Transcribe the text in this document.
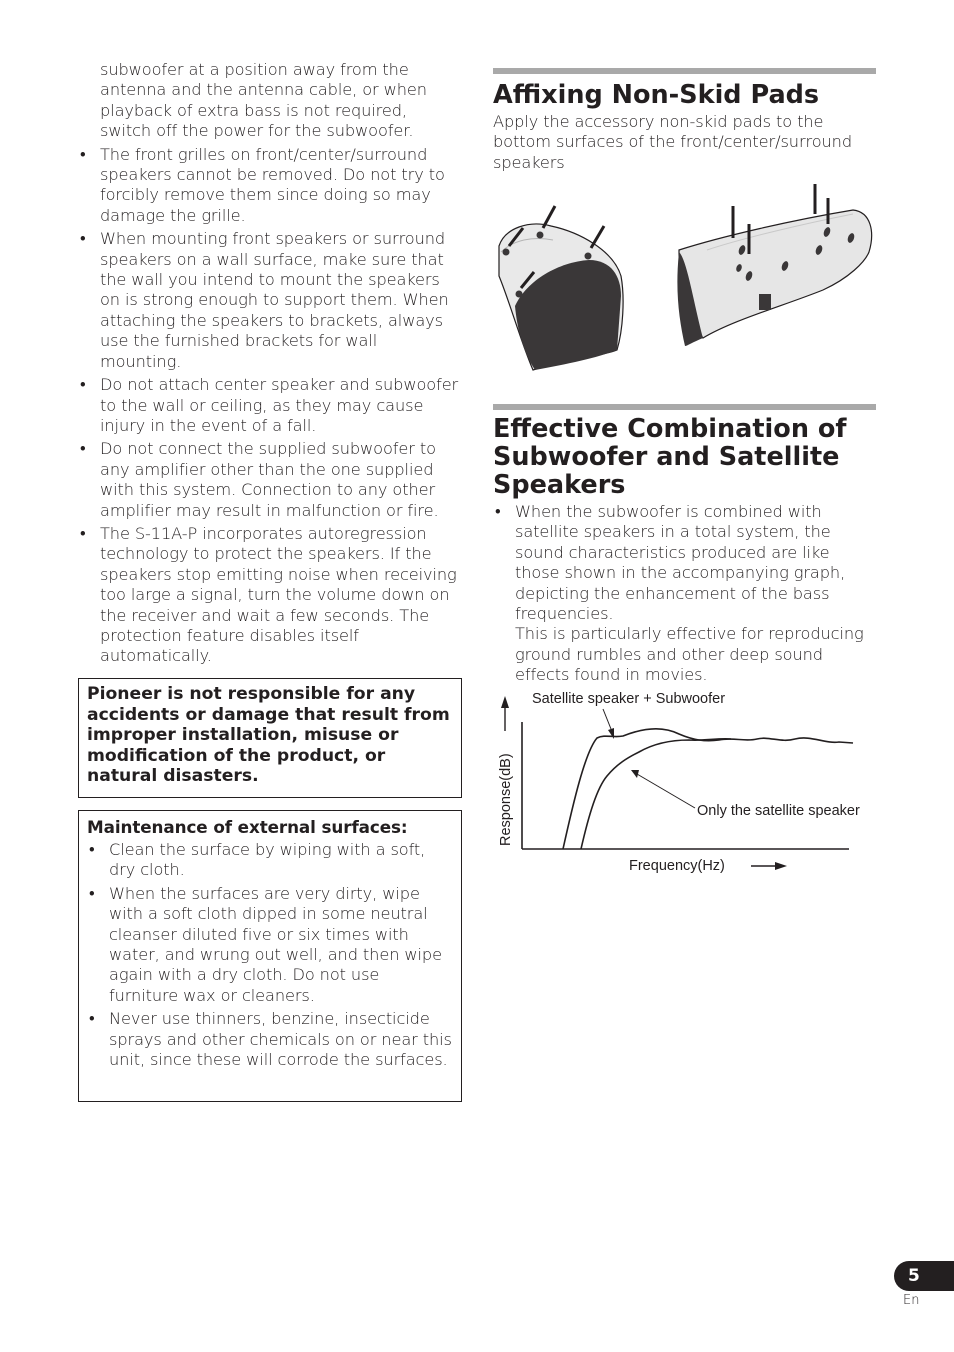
subwoofer at a position away from the antenna and the antenna cable, or when playback of extra bass is not required, switch off the power for the subwoofer.

• The front grilles on front/center/surround speakers cannot be removed. Do not try to forcibly remove them since doing so may damage the grille.
• When mounting front speakers or surround speakers on a wall surface, make sure that the wall you intend to mount the speakers on is strong enough to support them. When attaching the speakers to brackets, always use the furnished brackets for wall mounting.
• Do not attach center speaker and subwoofer to the wall or ceiling, as they may cause injury in the event of a fall.
• Do not connect the supplied subwoofer to any amplifier other than the one supplied with this system. Connection to any other amplifier may result in malfunction or fire.
• The S-11A-P incorporates autoregression technology to protect the speakers. If the speakers stop emitting noise when receiving too large a signal, turn the volume down on the receiver and wait a few seconds. The protection feature disables itself automatically.

Pioneer is not responsible for any accidents or damage that result from improper installation, misuse or modification of the product, or natural disasters.

Maintenance of external surfaces:

• Clean the surface by wiping with a soft, dry cloth.
• When the surfaces are very dirty, wipe with a soft cloth dipped in some neutral cleanser diluted five or six times with water, and wrung out well, and then wipe again with a dry cloth. Do not use furniture wax or cleaners.
• Never use thinners, benzine, insecticide sprays and other chemicals on or near this unit, since these will corrode the surfaces.
Affixing Non-Skid Pads

Apply the accessory non-skid pads to the bottom surfaces of the front/center/surround speakers

Effective Combination of Subwoofer and Satellite Speakers
• When the subwoofer is combined with satellite speakers in a total system, the sound characteristics produced are like those shown in the accompanying graph, depicting the enhancement of the bass frequencies.
This is particularly effective for reproducing ground rumbles and other deep sound effects found in movies.
Satellite speaker + Subwoofer
Only the satellite speaker
Frequency(Hz)
Response(dB)
5
En
